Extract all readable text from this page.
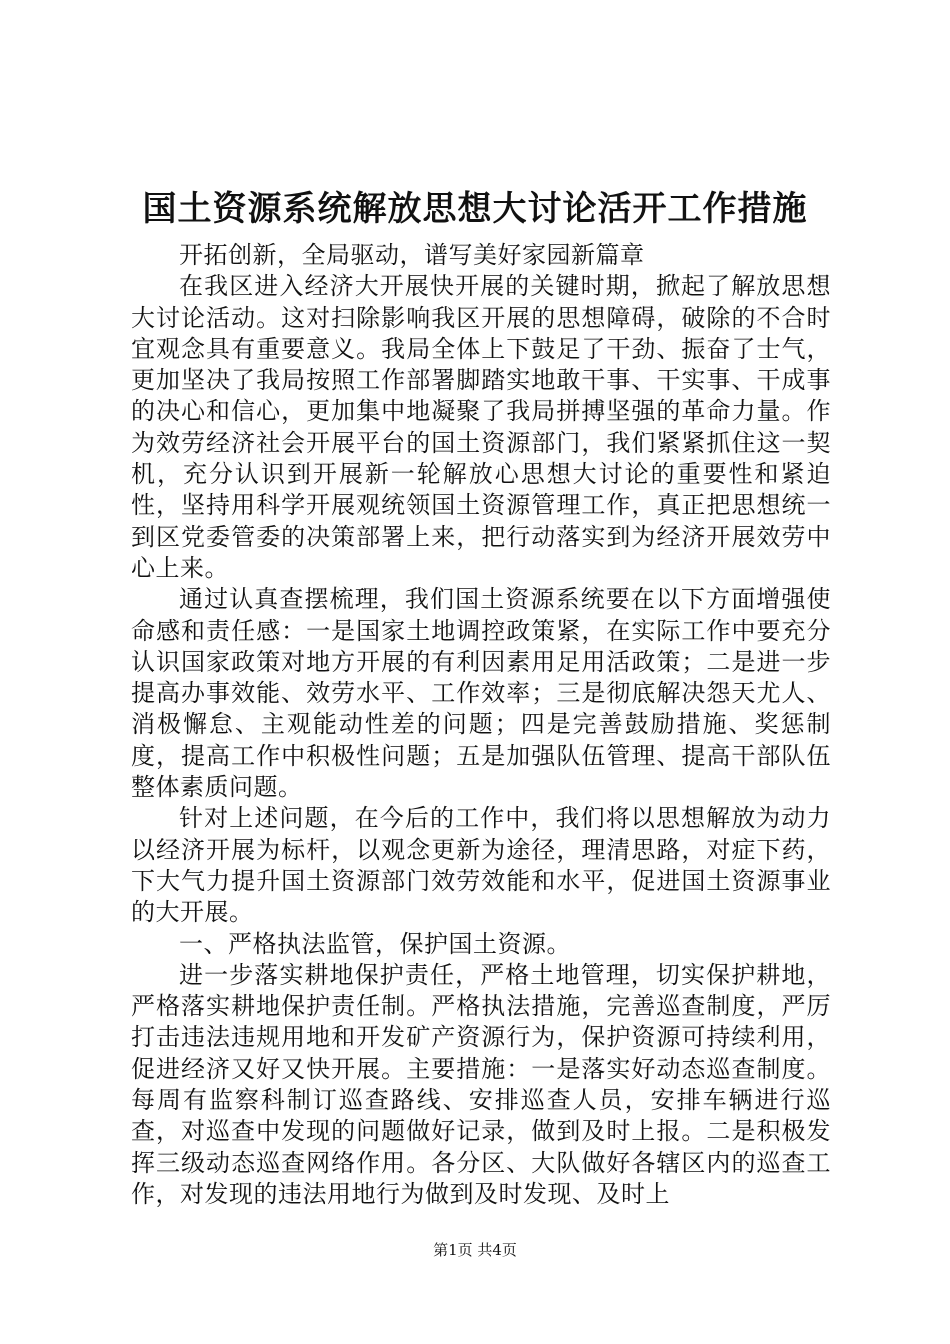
国土资源系统解放思想大讨论活开工作措施

开拓创新，全局驱动，谱写美好家园新篇章

在我区进入经济大开展快开展的关键时期，掀起了解放思想大讨论活动。这对扫除影响我区开展的思想障碍，破除的不合时宜观念具有重要意义。我局全体上下鼓足了干劲、振奋了士气，更加坚决了我局按照工作部署脚踏实地敢干事、干实事、干成事的决心和信心，更加集中地凝聚了我局拼搏坚强的革命力量。作为效劳经济社会开展平台的国土资源部门，我们紧紧抓住这一契机，充分认识到开展新一轮解放心思想大讨论的重要性和紧迫性，坚持用科学开展观统领国土资源管理工作，真正把思想统一到区党委管委的决策部署上来，把行动落实到为经济开展效劳中心上来。

通过认真查摆梳理，我们国土资源系统要在以下方面增强使命感和责任感：一是国家土地调控政策紧，在实际工作中要充分认识国家政策对地方开展的有利因素用足用活政策；二是进一步提高办事效能、效劳水平、工作效率；三是彻底解决怨天尤人、消极懈怠、主观能动性差的问题；四是完善鼓励措施、奖惩制度，提高工作中积极性问题；五是加强队伍管理、提高干部队伍整体素质问题。

针对上述问题，在今后的工作中，我们将以思想解放为动力以经济开展为标杆，以观念更新为途径，理清思路，对症下药，下大气力提升国土资源部门效劳效能和水平，促进国土资源事业的大开展。

一、严格执法监管，保护国土资源。

进一步落实耕地保护责任，严格土地管理，切实保护耕地，严格落实耕地保护责任制。严格执法措施，完善巡查制度，严厉打击违法违规用地和开发矿产资源行为，保护资源可持续利用，促进经济又好又快开展。主要措施：一是落实好动态巡查制度。每周有监察科制订巡查路线、安排巡查人员，安排车辆进行巡查，对巡查中发现的问题做好记录，做到及时上报。二是积极发挥三级动态巡查网络作用。各分区、大队做好各辖区内的巡查工作，对发现的违法用地行为做到及时发现、及时上

第1页 共4页
